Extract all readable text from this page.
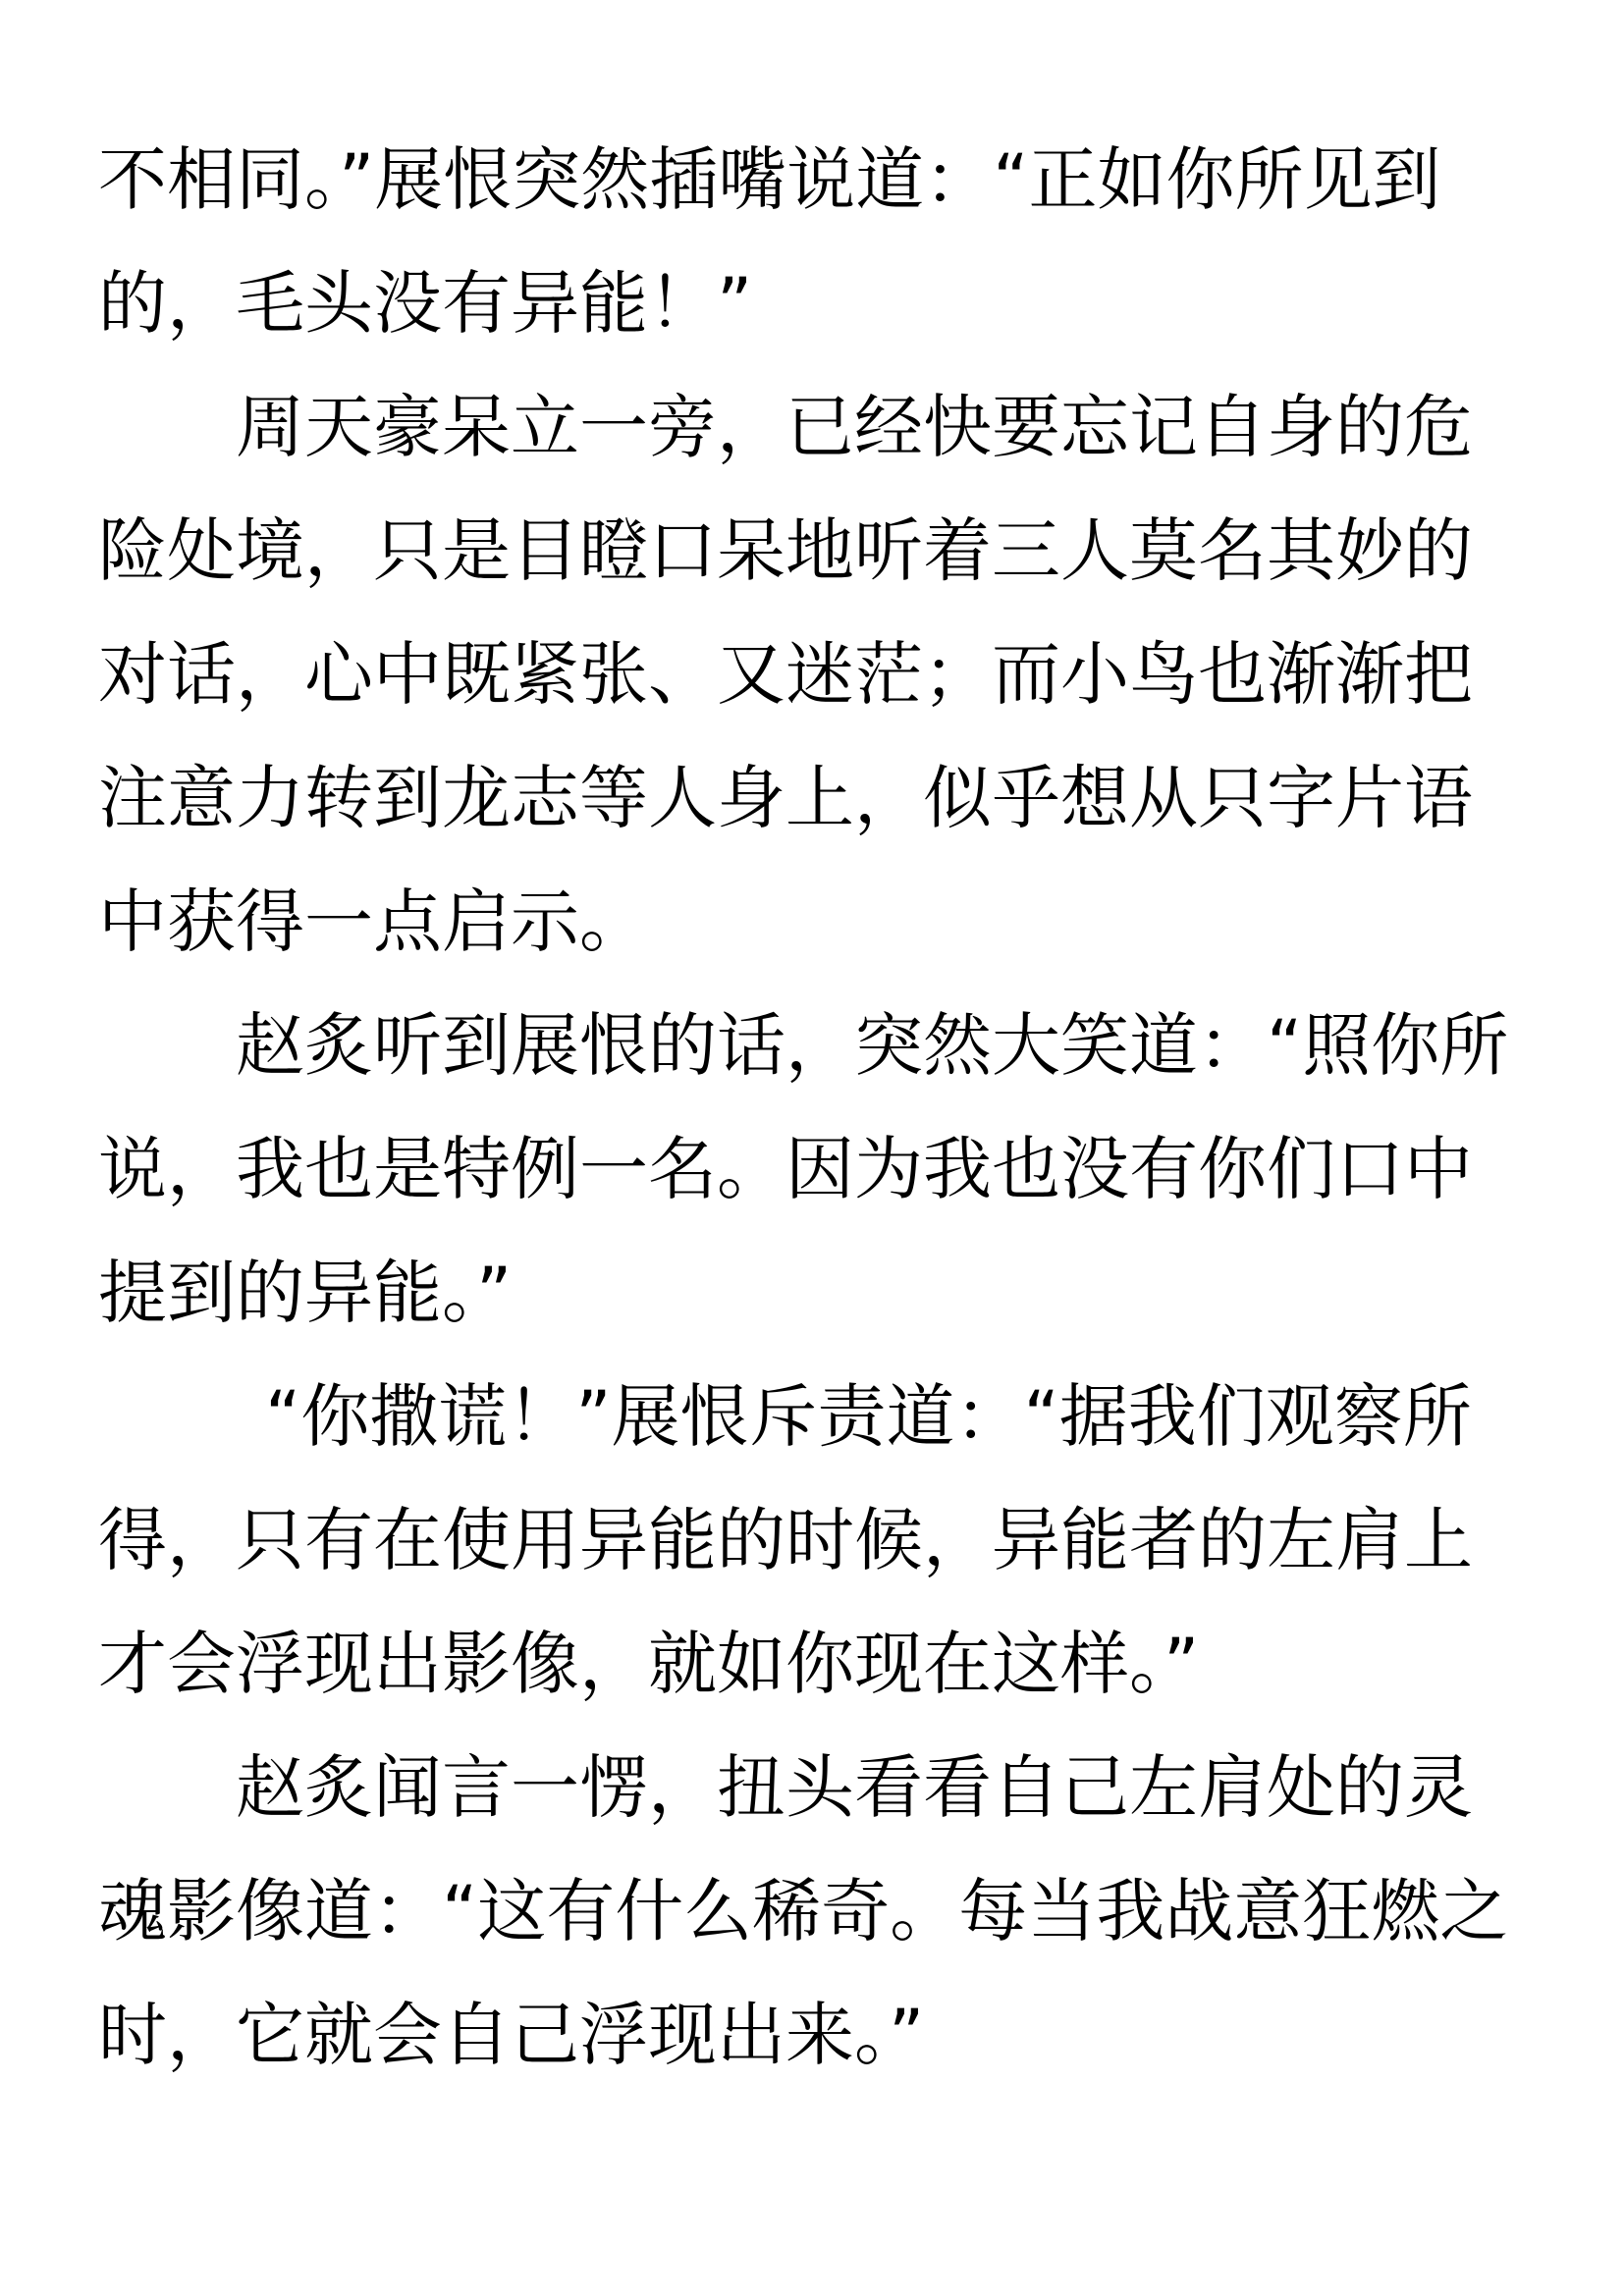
不相同。”展恨突然插嘴说道：“正如你所见到
的，毛头没有异能！”
周天豪呆立一旁，已经快要忘记自身的危
险处境，只是目瞪口呆地听着三人莫名其妙的
对话，心中既紧张、又迷茫；而小鸟也渐渐把
注意力转到龙志等人身上，似乎想从只字片语
中获得一点启示。
赵炙听到展恨的话，突然大笑道：“照你所
说，我也是特例一名。因为我也没有你们口中
提到的异能。”
“你撒谎！”展恨斥责道：“据我们观察所
得，只有在使用异能的时候，异能者的左肩上
才会浮现出影像，就如你现在这样。”
赵炙闻言一愣，扭头看看自己左肩处的灵
魂影像道：“这有什么稀奇。每当我战意狂燃之
时，它就会自己浮现出来。”
